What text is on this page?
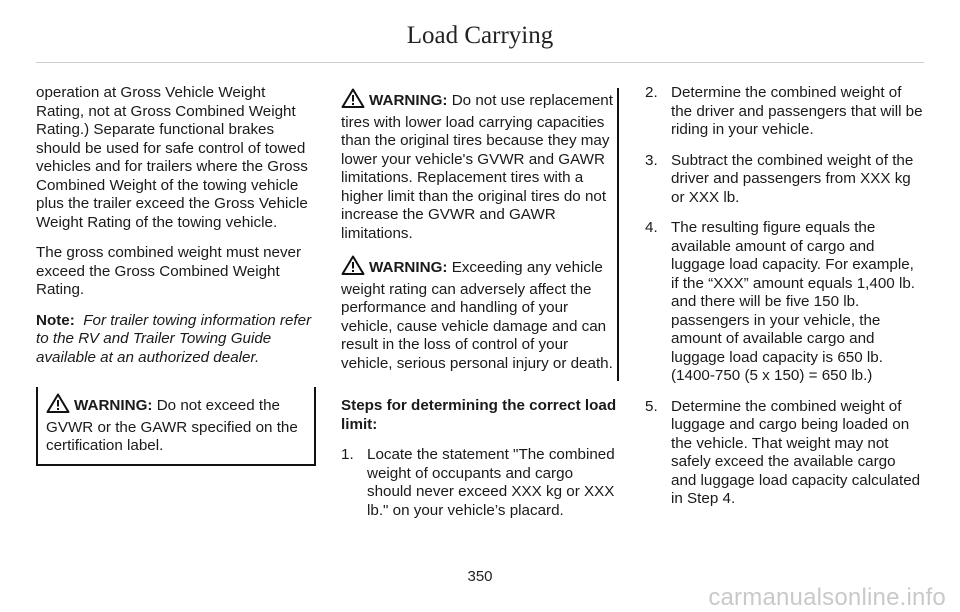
Load Carrying

operation at Gross Vehicle Weight Rating, not at Gross Combined Weight Rating.) Separate functional brakes should be used for safe control of towed vehicles and for trailers where the Gross Combined Weight of the towing vehicle plus the trailer exceed the Gross Vehicle Weight Rating of the towing vehicle.

The gross combined weight must never exceed the Gross Combined Weight Rating.

Note: For trailer towing information refer to the RV and Trailer Towing Guide available at an authorized dealer.

WARNING: Do not exceed the GVWR or the GAWR specified on the certification label.

WARNING: Do not use replacement tires with lower load carrying capacities than the original tires because they may lower your vehicle's GVWR and GAWR limitations. Replacement tires with a higher limit than the original tires do not increase the GVWR and GAWR limitations.

WARNING: Exceeding any vehicle weight rating can adversely affect the performance and handling of your vehicle, cause vehicle damage and can result in the loss of control of your vehicle, serious personal injury or death.

Steps for determining the correct load limit:
1. Locate the statement "The combined weight of occupants and cargo should never exceed XXX kg or XXX lb." on your vehicle’s placard.
2. Determine the combined weight of the driver and passengers that will be riding in your vehicle.
3. Subtract the combined weight of the driver and passengers from XXX kg or XXX lb.
4. The resulting figure equals the available amount of cargo and luggage load capacity. For example, if the “XXX” amount equals 1,400 lb. and there will be five 150 lb. passengers in your vehicle, the amount of available cargo and luggage load capacity is 650 lb. (1400-750 (5 x 150) = 650 lb.)
5. Determine the combined weight of luggage and cargo being loaded on the vehicle. That weight may not safely exceed the available cargo and luggage load capacity calculated in Step 4.
350
carmanualsonline.info
